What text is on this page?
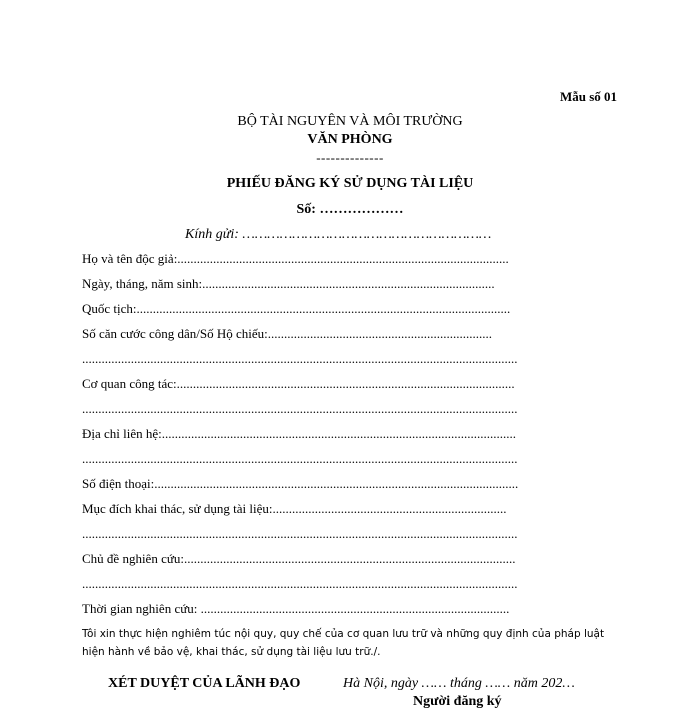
Mẫu số 01
BỘ TÀI NGUYÊN VÀ MÔI TRƯỜNG
VĂN PHÒNG
--------------
PHIẾU ĐĂNG KÝ SỬ DỤNG TÀI LIỆU
Số: ………………
Kính gửi: ……………………………………………………
Họ và tên độc giả:......................................................................................................
Ngày, tháng, năm sinh:..........................................................................................
Quốc tịch:...................................................................................................................
Số căn cước công dân/Số Hộ chiếu:.....................................................................
......................................................................................................................................
Cơ quan công tác:........................................................................................................
......................................................................................................................................
Địa chỉ liên hệ:.............................................................................................................
......................................................................................................................................
Số điện thoại:................................................................................................................
Mục đích khai thác, sử dụng tài liệu:........................................................................
......................................................................................................................................
Chủ đề nghiên cứu:......................................................................................................
......................................................................................................................................
Thời gian nghiên cứu: ...............................................................................................
Tôi xin thực hiện nghiêm túc nội quy, quy chế của cơ quan lưu trữ và những quy định của pháp luật hiện hành về bảo vệ, khai thác, sử dụng tài liệu lưu trữ./.
XÉT DUYỆT CỦA LÃNH ĐẠO	Hà Nội, ngày …… tháng …… năm 202…
Người đăng ký
